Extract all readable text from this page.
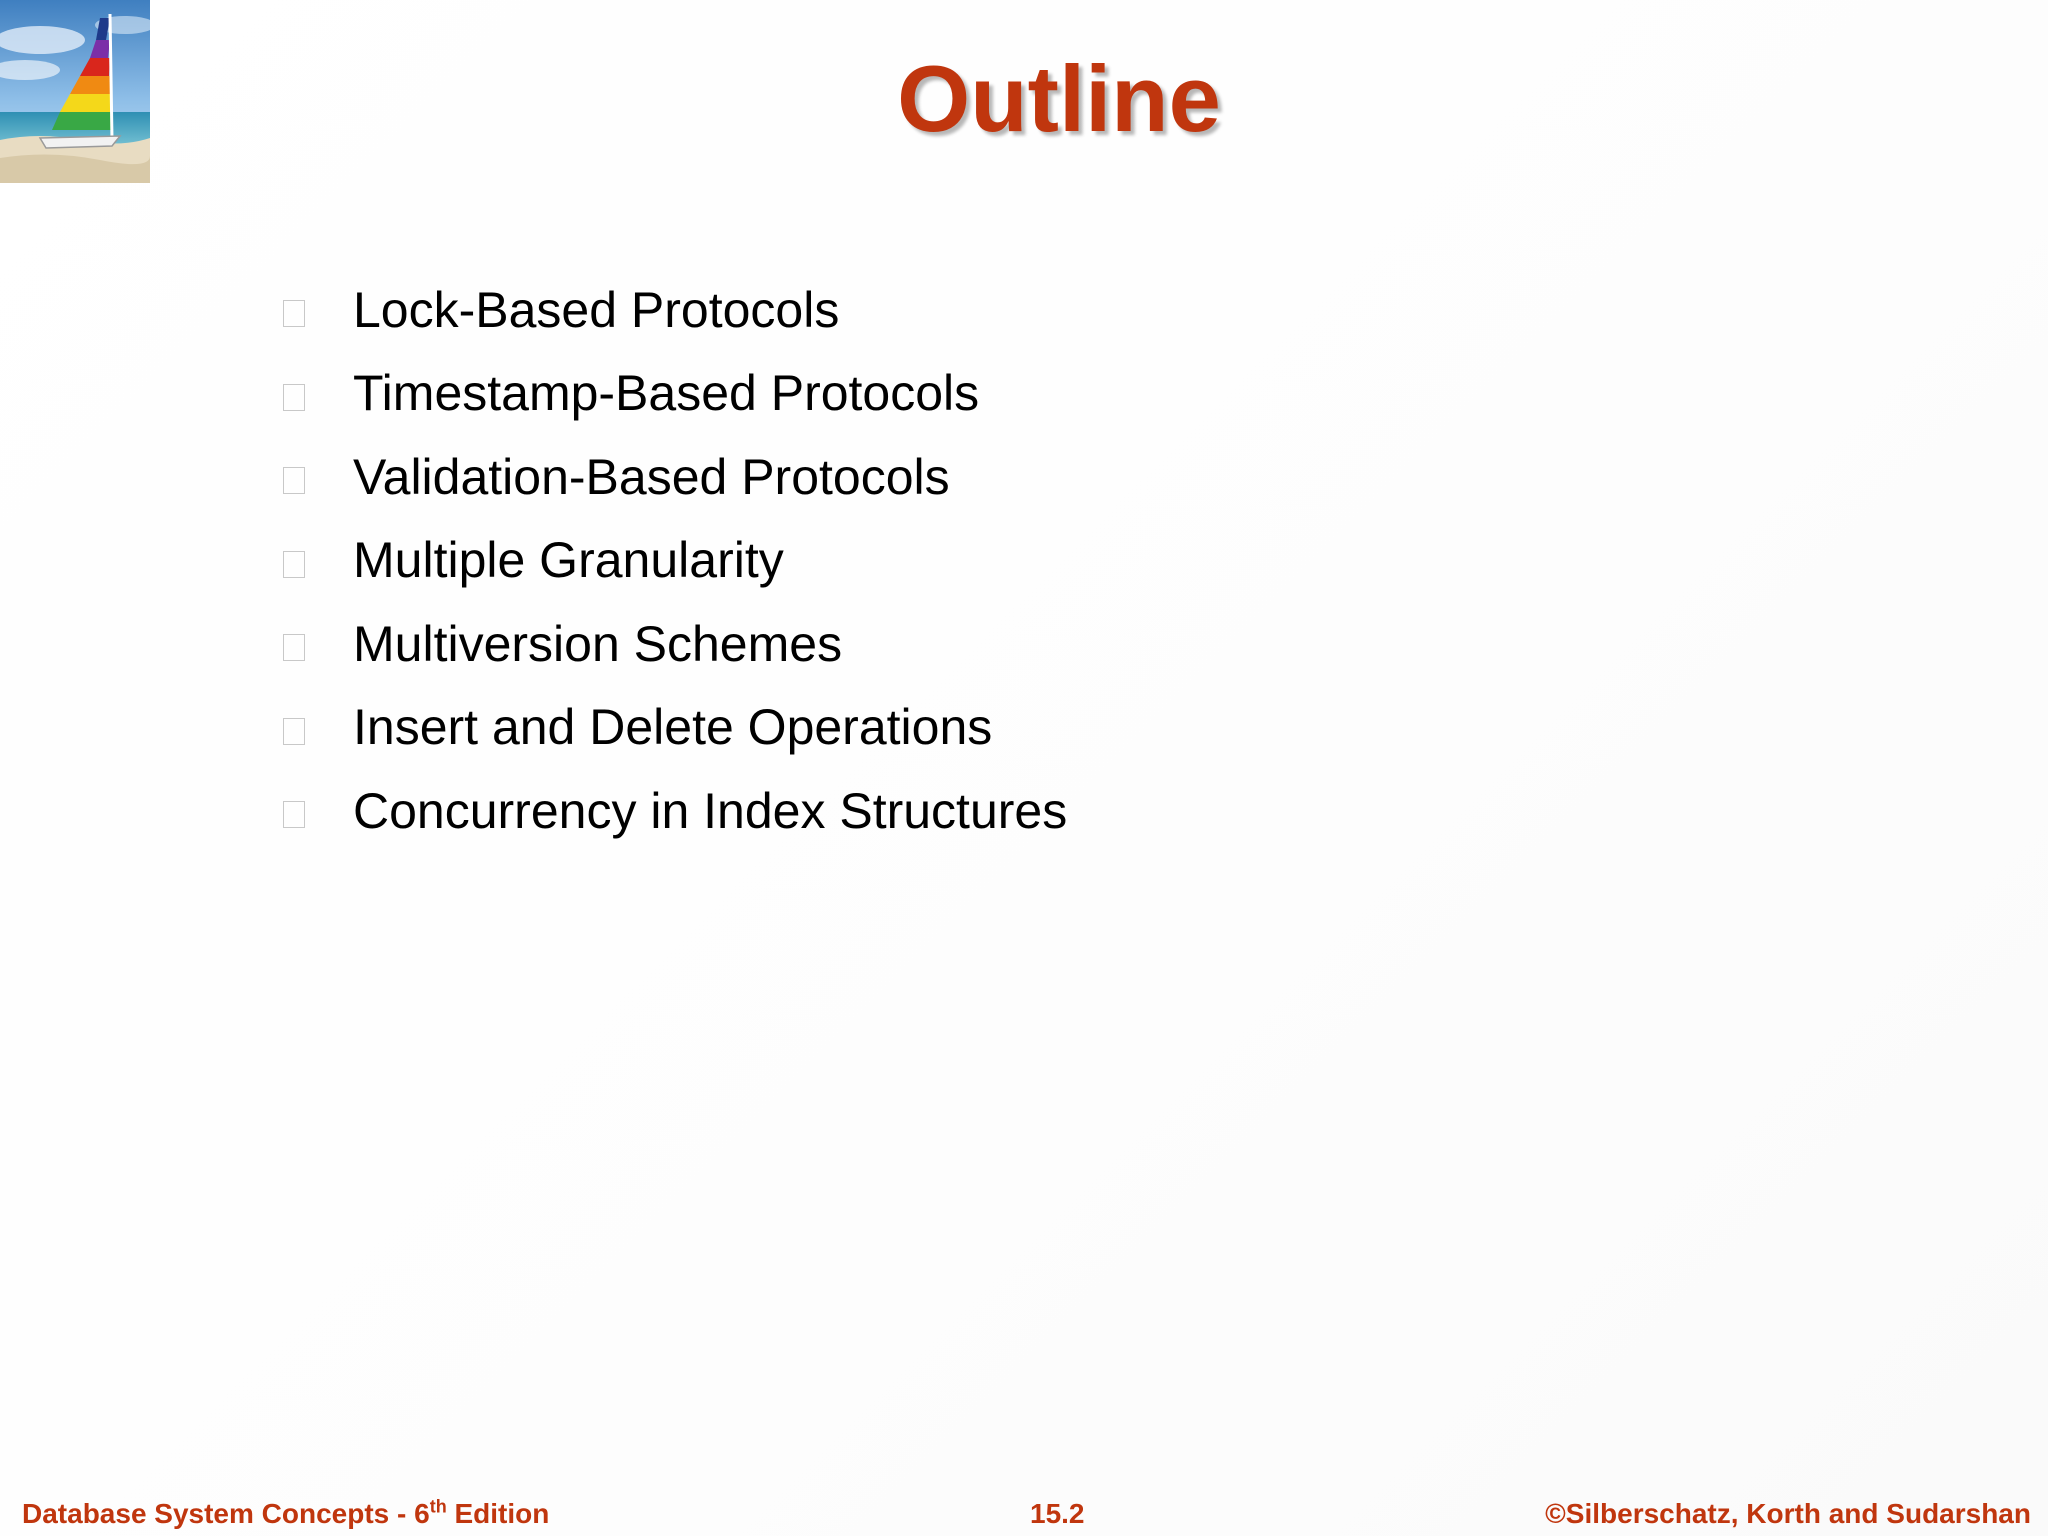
Outline
Lock-Based Protocols
Timestamp-Based Protocols
Validation-Based Protocols
Multiple Granularity
Multiversion Schemes
Insert and Delete Operations
Concurrency in Index Structures
Database System Concepts - 6th Edition	15.2	©Silberschatz, Korth and Sudarshan
